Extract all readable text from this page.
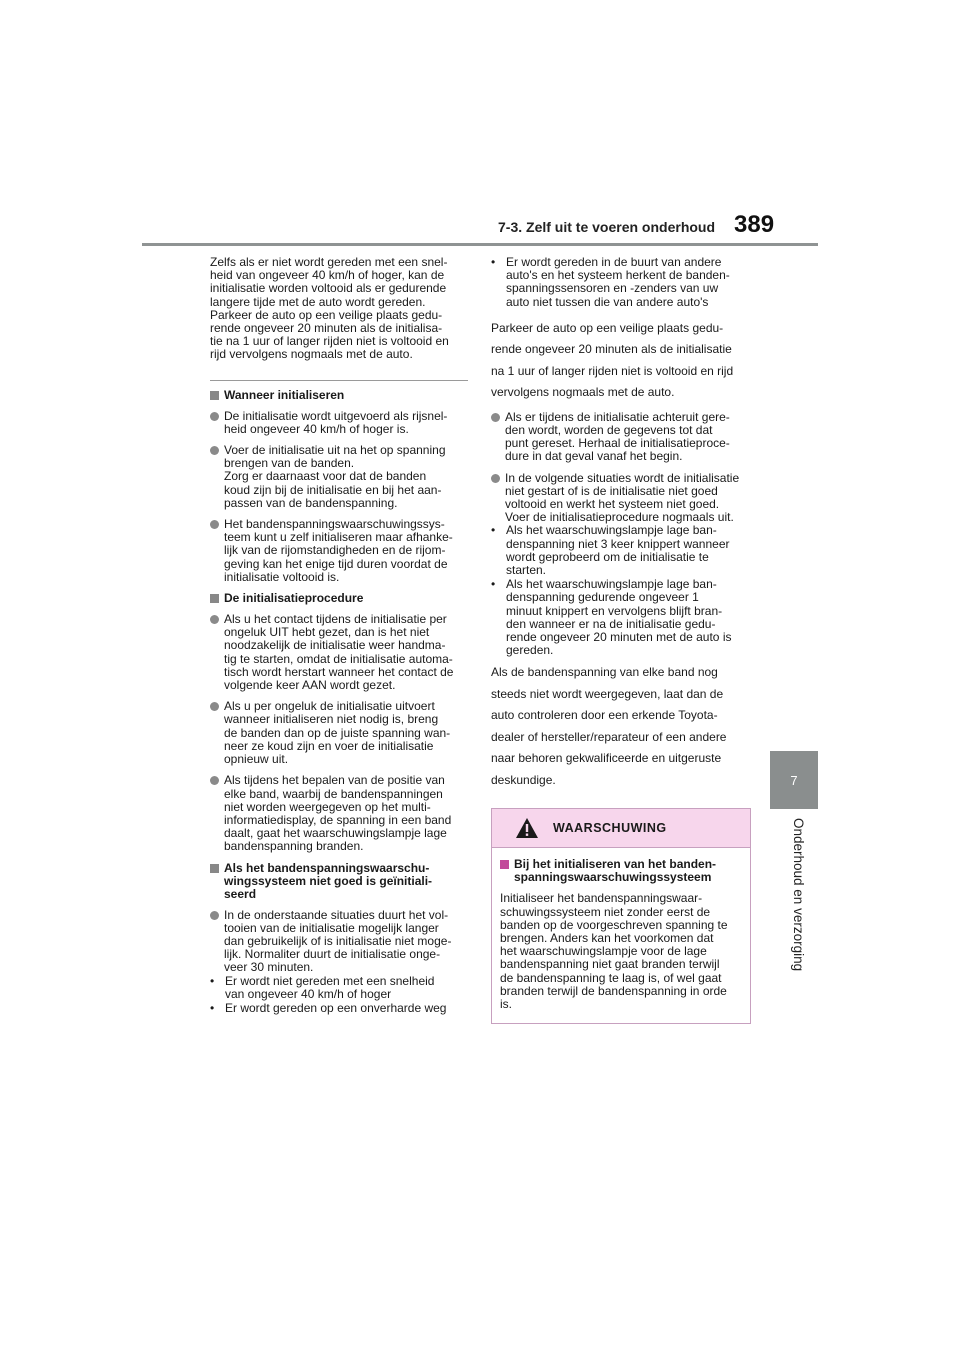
7-3. Zelf uit te voeren onderhoud 389
7
Onderhoud en verzorging

Zelfs als er niet wordt gereden met een snel-
heid van ongeveer 40 km/h of hoger, kan de
initialisatie worden voltooid als er gedurende
langere tijde met de auto wordt gereden.
Parkeer de auto op een veilige plaats gedu-
rende ongeveer 20 minuten als de initialisa-
tie na 1 uur of langer rijden niet is voltooid en
rijd vervolgens nogmaals met de auto.

Wanneer initialiseren
De initialisatie wordt uitgevoerd als rijsnel-
heid ongeveer 40 km/h of hoger is.
Voer de initialisatie uit na het op spanning
brengen van de banden.
Zorg er daarnaast voor dat de banden
koud zijn bij de initialisatie en bij het aan-
passen van de bandenspanning.
Het bandenspanningswaarschuwingssys-
teem kunt u zelf initialiseren maar afhanke-
lijk van de rijomstandigheden en de rijom-
geving kan het enige tijd duren voordat de
initialisatie voltooid is.
De initialisatieprocedure
Als u het contact tijdens de initialisatie per
ongeluk UIT hebt gezet, dan is het niet
noodzakelijk de initialisatie weer handma-
tig te starten, omdat de initialisatie automa-
tisch wordt herstart wanneer het contact de
volgende keer AAN wordt gezet.
Als u per ongeluk de initialisatie uitvoert
wanneer initialiseren niet nodig is, breng
de banden dan op de juiste spanning wan-
neer ze koud zijn en voer de initialisatie
opnieuw uit.
Als tijdens het bepalen van de positie van
elke band, waarbij de bandenspanningen
niet worden weergegeven op het multi-
informatiedisplay, de spanning in een band
daalt, gaat het waarschuwingslampje lage
bandenspanning branden.
Als het bandenspanningswaarschu-
wingssysteem niet goed is geïnitiali-
seerd
In de onderstaande situaties duurt het vol-
tooien van de initialisatie mogelijk langer
dan gebruikelijk of is initialisatie niet moge-
lijk. Normaliter duurt de initialisatie onge-
veer 30 minuten.
• Er wordt niet gereden met een snelheid
van ongeveer 40 km/h of hoger
• Er wordt gereden op een onverharde weg
• Er wordt gereden in de buurt van andere
auto's en het systeem herkent de banden-
spanningssensoren en -zenders van uw
auto niet tussen die van andere auto's

Parkeer de auto op een veilige plaats gedu-
rende ongeveer 20 minuten als de initialisatie
na 1 uur of langer rijden niet is voltooid en rijd
vervolgens nogmaals met de auto.

Als er tijdens de initialisatie achteruit gere-
den wordt, worden de gegevens tot dat
punt gereset. Herhaal de initialisatieproce-
dure in dat geval vanaf het begin.
In de volgende situaties wordt de initialisatie
niet gestart of is de initialisatie niet goed
voltooid en werkt het systeem niet goed.
Voer de initialisatieprocedure nogmaals uit.
• Als het waarschuwingslampje lage ban-
denspanning niet 3 keer knippert wanneer
wordt geprobeerd om de initialisatie te
starten.
• Als het waarschuwingslampje lage ban-
denspanning gedurende ongeveer 1
minuut knippert en vervolgens blijft bran-
den wanneer er na de initialisatie gedu-
rende ongeveer 20 minuten met de auto is
gereden.

Als de bandenspanning van elke band nog
steeds niet wordt weergegeven, laat dan de
auto controleren door een erkende Toyota-
dealer of hersteller/reparateur of een andere
naar behoren gekwalificeerde en uitgeruste
deskundige.

WAARSCHUWING
Bij het initialiseren van het banden-
spanningswaarschuwingssysteem

Initialiseer het bandenspanningswaar-
schuwingssysteem niet zonder eerst de
banden op de voorgeschreven spanning te
brengen. Anders kan het voorkomen dat
het waarschuwingslampje voor de lage
bandenspanning niet gaat branden terwijl
de bandenspanning te laag is, of wel gaat
branden terwijl de bandenspanning in orde
is.
